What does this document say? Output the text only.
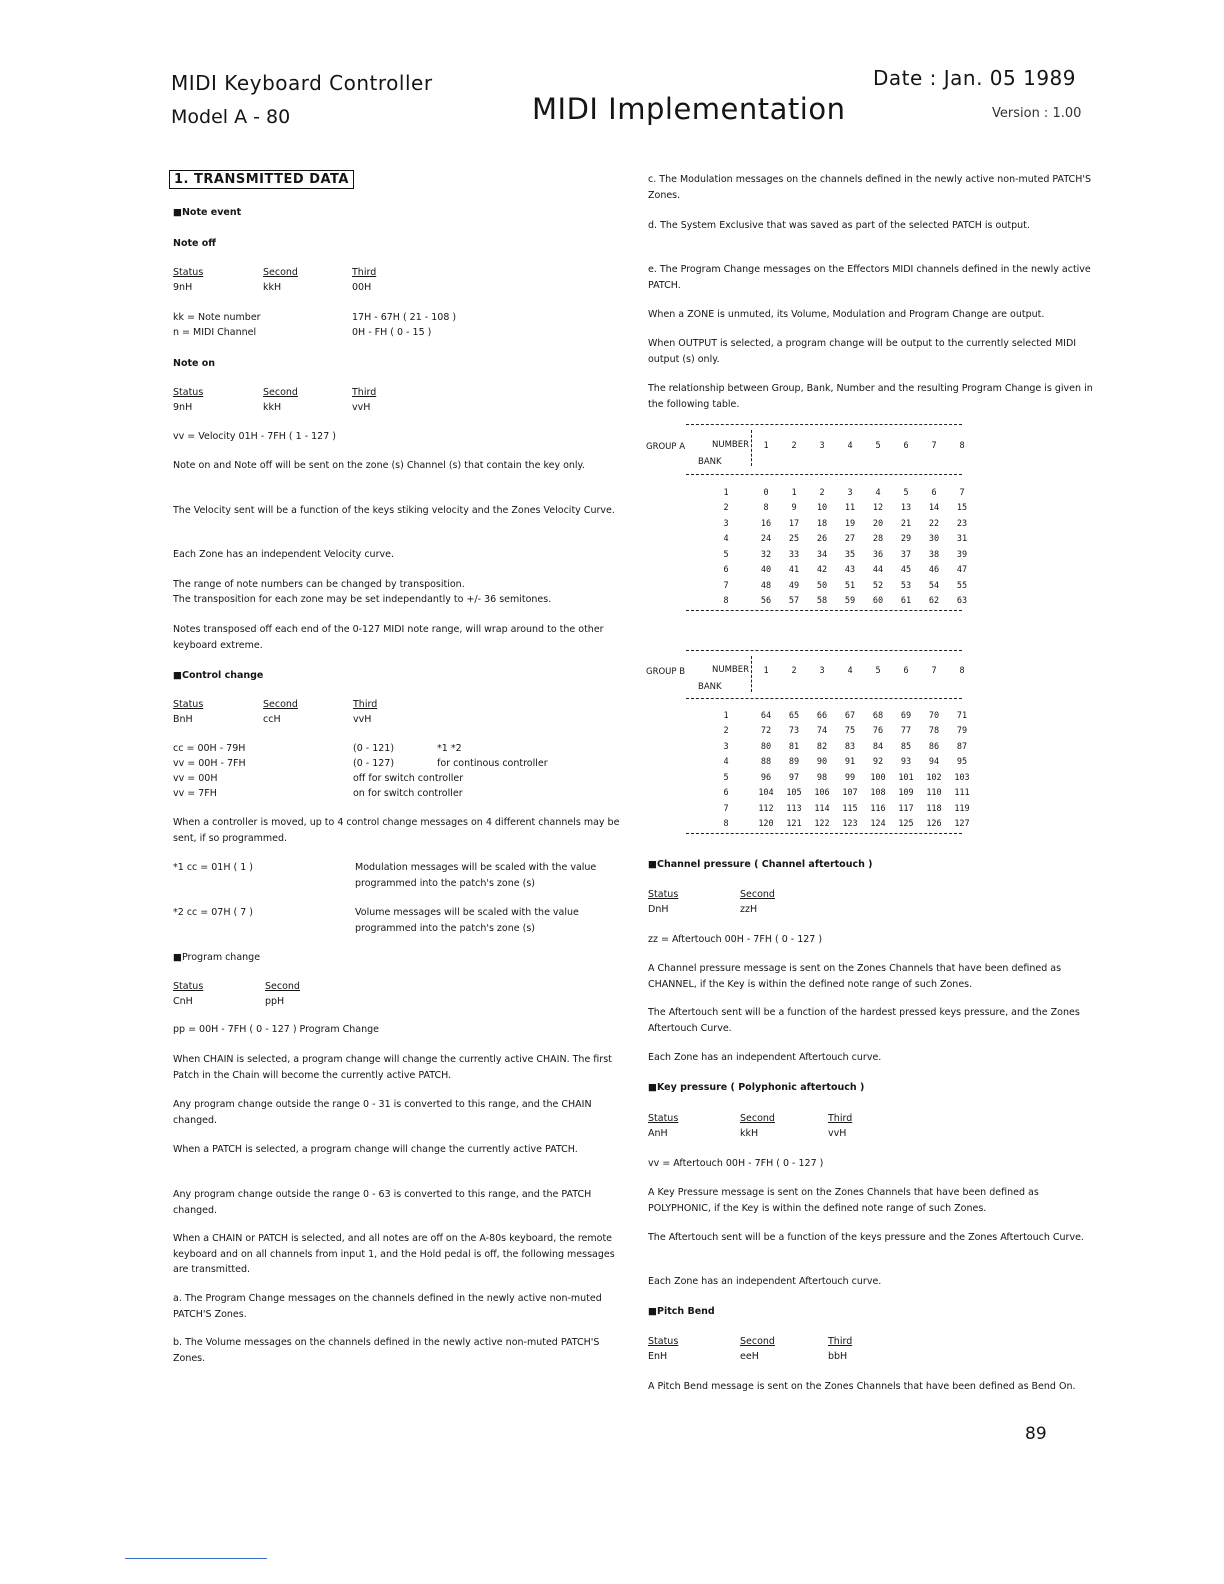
MIDI Keyboard Controller
Model A - 80	MIDI Implementation
Date : Jan. 05 1989
Version : 1.00
1. TRANSMITTED DATA
■Note event
Note off
Status	Second	Third
9nH	kkH	00H
kk = Note number	17H - 67H ( 21 - 108 )
n = MIDI Channel	0H - FH ( 0 - 15 )
Note on
Status	Second	Third
9nH	kkH	vvH
vv = Velocity 01H - 7FH ( 1 - 127 )
Note on and Note off will be sent on the zone (s) Channel (s) that contain the key only.
The Velocity sent will be a function of the keys stiking velocity and the Zones Velocity Curve.
Each Zone has an independent Velocity curve.
The range of note numbers can be changed by transposition.
The transposition for each zone may be set independantly to +/- 36 semitones.
Notes transposed off each end of the 0-127 MIDI note range, will wrap around to the other keyboard extreme.
■Control change
Status	Second	Third
BnH	ccH	vvH
cc = 00H - 79H	(0 - 121)	*1 *2
vv = 00H - 7FH	(0 - 127)	for continous controller
vv = 00H	off for switch controller
vv = 7FH	on for switch controller
When a controller is moved, up to 4 control change messages on 4 different channels may be sent, if so programmed.
*1 cc = 01H ( 1 )	Modulation messages will be scaled with the value programmed into the patch's zone (s)
*2 cc = 07H ( 7 )	Volume messages will be scaled with the value programmed into the patch's zone (s)
■Program change
Status	Second
CnH	ppH
pp = 00H - 7FH ( 0 - 127 ) Program Change
When CHAIN is selected, a program change will change the currently active CHAIN. The first Patch in the Chain will become the currently active PATCH.
Any program change outside the range 0 - 31 is converted to this range, and the CHAIN changed.
When a PATCH is selected, a program change will change the currently active PATCH.
Any program change outside the range 0 - 63 is converted to this range, and the PATCH changed.
When a CHAIN or PATCH is selected, and all notes are off on the A-80s keyboard, the remote keyboard and on all channels from input 1, and the Hold pedal is off, the following messages are transmitted.
a. The Program Change messages on the channels defined in the newly active non-muted PATCH'S Zones.
b. The Volume messages on the channels defined in the newly active non-muted PATCH'S Zones.
c. The Modulation messages on the channels defined in the newly active non-muted PATCH'S Zones.
d. The System Exclusive that was saved as part of the selected PATCH is output.
e. The Program Change messages on the Effectors MIDI channels defined in the newly active PATCH.
When a ZONE is unmuted, its Volume, Modulation and Program Change are output.
When OUTPUT is selected, a program change will be output to the currently selected MIDI output (s) only.
The relationship between Group, Bank, Number and the resulting Program Change is given in the following table.
GROUP A	NUMBER
BANK
1	2	3	4	5	6	7	8
1	0	1	2	3	4	5	6	7
2	8	9	10	11	12	13	14	15
3	16	17	18	19	20	21	22	23
4	24	25	26	27	28	29	30	31
5	32	33	34	35	36	37	38	39
6	40	41	42	43	44	45	46	47
7	48	49	50	51	52	53	54	55
8	56	57	58	59	60	61	62	63
GROUP B	NUMBER
BANK
1	2	3	4	5	6	7	8
1	64	65	66	67	68	69	70	71
2	72	73	74	75	76	77	78	79
3	80	81	82	83	84	85	86	87
4	88	89	90	91	92	93	94	95
5	96	97	98	99	100	101	102	103
6	104	105	106	107	108	109	110	111
7	112	113	114	115	116	117	118	119
8	120	121	122	123	124	125	126	127
■Channel pressure ( Channel aftertouch )
Status	Second
DnH	zzH
zz = Aftertouch 00H - 7FH ( 0 - 127 )
A Channel pressure message is sent on the Zones Channels that have been defined as CHANNEL, if the Key is within the defined note range of such Zones.
The Aftertouch sent will be a function of the hardest pressed keys pressure, and the Zones Aftertouch Curve.
Each Zone has an independent Aftertouch curve.
■Key pressure ( Polyphonic aftertouch )
Status	Second	Third
AnH	kkH	vvH
vv = Aftertouch 00H - 7FH ( 0 - 127 )
A Key Pressure message is sent on the Zones Channels that have been defined as POLYPHONIC, if the Key is within the defined note range of such Zones.
The Aftertouch sent will be a function of the keys pressure and the Zones Aftertouch Curve.
Each Zone has an independent Aftertouch curve.
■Pitch Bend
Status	Second	Third
EnH	eeH	bbH
A Pitch Bend message is sent on the Zones Channels that have been defined as Bend On.
89
